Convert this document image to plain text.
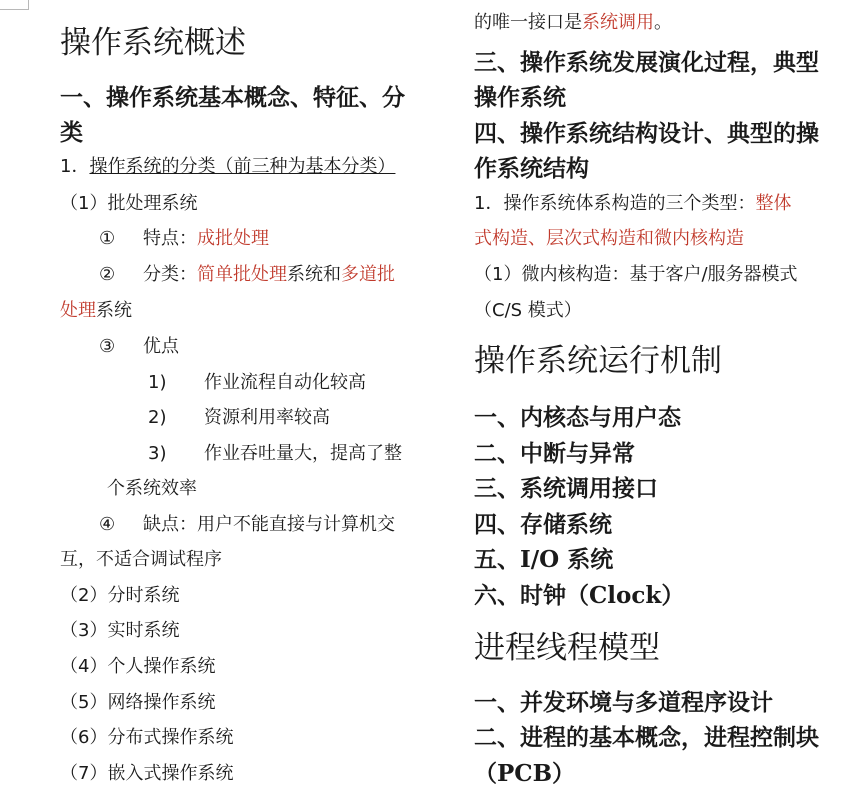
操作系统概述
一、操作系统基本概念、特征、分
类
1．操作系统的分类（前三种为基本分类）
（1）批处理系统
① 特点：成批处理
② 分类：简单批处理系统和多道批
处理系统
③ 优点
1) 作业流程自动化较高
2) 资源利用率较高
3) 作业吞吐量大，提高了整
个系统效率
④ 缺点：用户不能直接与计算机交
互，不适合调试程序
（2）分时系统
（3）实时系统
（4）个人操作系统
（5）网络操作系统
（6）分布式操作系统
（7）嵌入式操作系统
的唯一接口是系统调用。
三、操作系统发展演化过程，典型
操作系统
四、操作系统结构设计、典型的操
作系统结构
1．操作系统体系构造的三个类型：整体
式构造、层次式构造和微内核构造
（1）微内核构造：基于客户/服务器模式
（C/S 模式）
操作系统运行机制
一、内核态与用户态
二、中断与异常
三、系统调用接口
四、存储系统
五、I/O 系统
六、时钟（Clock）
进程线程模型
一、并发环境与多道程序设计
二、进程的基本概念，进程控制块
（PCB）
